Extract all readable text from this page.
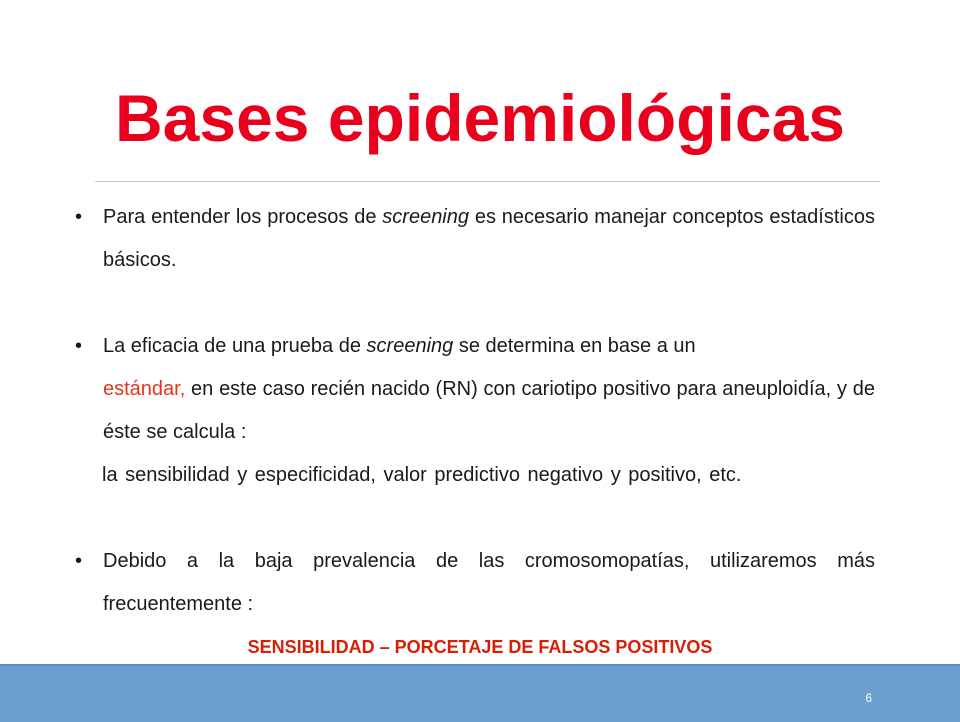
Bases epidemiológicas
• Para entender los procesos de screening es necesario manejar conceptos estadísticos básicos.
• La eficacia de una prueba de screening se determina en base a un
estándar, en este caso recién nacido (RN) con cariotipo positivo para aneuploidía, y de éste se calcula :
la sensibilidad y especificidad, valor predictivo negativo y positivo, etc.
• Debido a la baja prevalencia de las cromosomopatías, utilizaremos más frecuentemente :
SENSIBILIDAD – PORCETAJE DE FALSOS POSITIVOS
6
